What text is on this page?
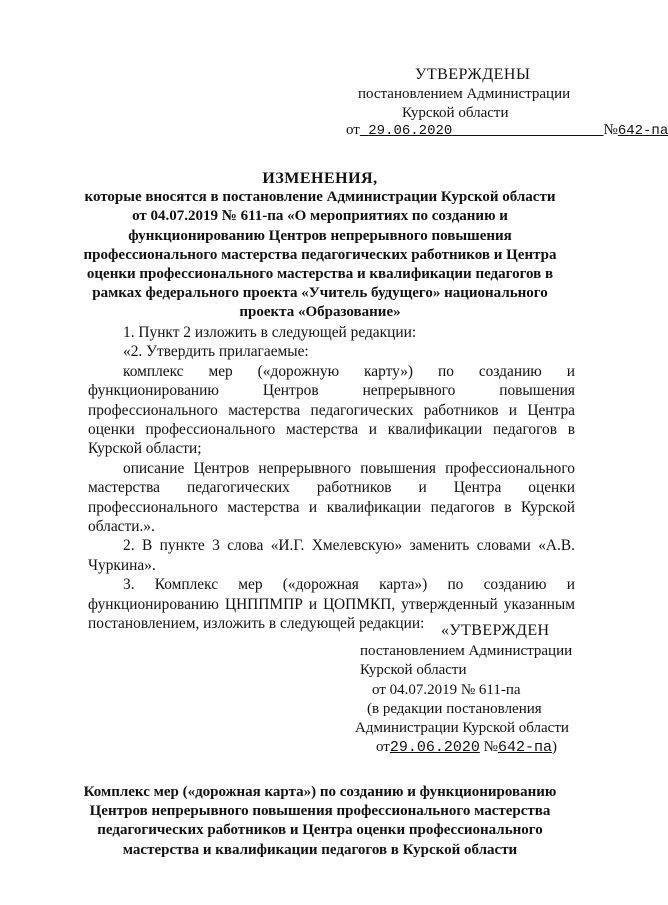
УТВЕРЖДЕНЫ

постановлением Администрации

Курской области

от 29.06.2020	№642-па

ИЗМЕНЕНИЯ,
которые вносятся в постановление Администрации Курской области
от 04.07.2019 № 611-па «О мероприятиях по созданию и
функционированию Центров непрерывного повышения
профессионального мастерства педагогических работников и Центра
оценки профессионального мастерства и квалификации педагогов в
рамках федерального проекта «Учитель будущего» национального
проекта «Образование»

1. Пункт 2 изложить в следующей редакции:

«2. Утвердить прилагаемые:

комплекс мер («дорожную карту») по созданию и функционированию Центров непрерывного повышения профессионального мастерства педагогических работников и Центра оценки профессионального мастерства и квалификации педагогов в Курской области;

описание Центров непрерывного повышения профессионального мастерства педагогических работников и Центра оценки профессионального мастерства и квалификации педагогов в Курской области.».

2. В пункте 3 слова «И.Г. Хмелевскую» заменить словами «А.В. Чуркина».

3. Комплекс мер («дорожная карта») по созданию и функционированию ЦНППМПР и ЦОПМКП, утвержденный указанным постановлением, изложить в следующей редакции:	«УТВЕРЖДЕН

постановлением Администрации

Курской области

от 04.07.2019 № 611-па

(в редакции постановления

Администрации Курской области

от29.06.2020 №642-па)

Комплекс мер («дорожная карта») по созданию и функционированию
Центров непрерывного повышения профессионального мастерства
педагогических работников и Центра оценки профессионального
мастерства и квалификации педагогов в Курской области
